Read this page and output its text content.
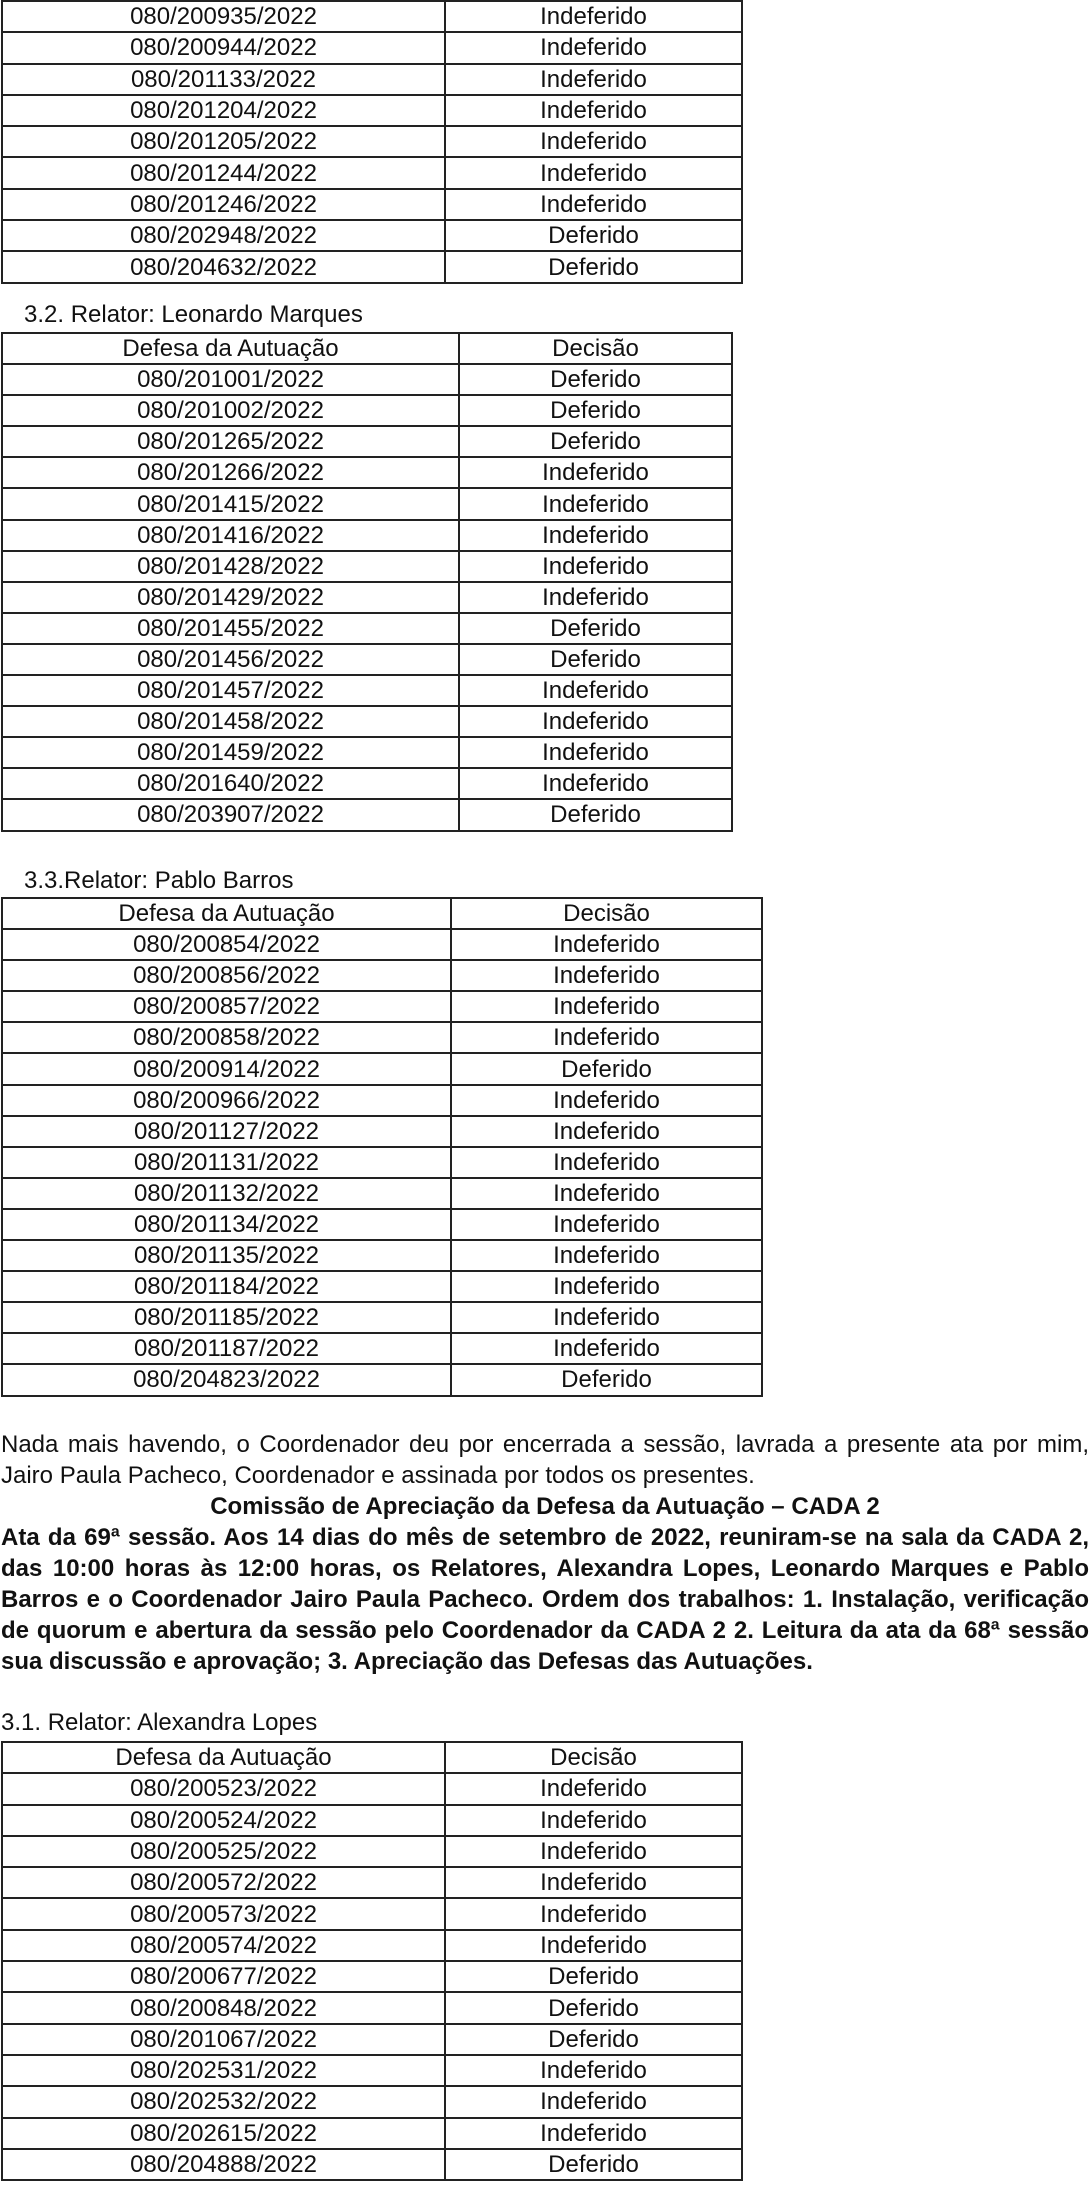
080/200935/2022	Indeferido
080/200944/2022	Indeferido
080/201133/2022	Indeferido
080/201204/2022	Indeferido
080/201205/2022	Indeferido
080/201244/2022	Indeferido
080/201246/2022	Indeferido
080/202948/2022	Deferido
080/204632/2022	Deferido
3.2. Relator: Leonardo Marques
Defesa da Autuação	Decisão
080/201001/2022	Deferido
080/201002/2022	Deferido
080/201265/2022	Deferido
080/201266/2022	Indeferido
080/201415/2022	Indeferido
080/201416/2022	Indeferido
080/201428/2022	Indeferido
080/201429/2022	Indeferido
080/201455/2022	Deferido
080/201456/2022	Deferido
080/201457/2022	Indeferido
080/201458/2022	Indeferido
080/201459/2022	Indeferido
080/201640/2022	Indeferido
080/203907/2022	Deferido
3.3.Relator: Pablo Barros
Defesa da Autuação	Decisão
080/200854/2022	Indeferido
080/200856/2022	Indeferido
080/200857/2022	Indeferido
080/200858/2022	Indeferido
080/200914/2022	Deferido
080/200966/2022	Indeferido
080/201127/2022	Indeferido
080/201131/2022	Indeferido
080/201132/2022	Indeferido
080/201134/2022	Indeferido
080/201135/2022	Indeferido
080/201184/2022	Indeferido
080/201185/2022	Indeferido
080/201187/2022	Indeferido
080/204823/2022	Deferido
Nada mais havendo, o Coordenador deu por encerrada a sessão, lavrada a presente ata por mim, Jairo Paula Pacheco, Coordenador e assinada por todos os presentes.
Comissão de Apreciação da Defesa da Autuação – CADA 2
Ata da 69ª sessão. Aos 14 dias do mês de setembro de 2022, reuniram-se na sala da CADA 2, das 10:00 horas às 12:00 horas, os Relatores, Alexandra Lopes, Leonardo Marques e Pablo Barros e o Coordenador Jairo Paula Pacheco. Ordem dos trabalhos: 1. Instalação, verificação de quorum e abertura da sessão pelo Coordenador da CADA 2 2. Leitura da ata da 68ª sessão sua discussão e aprovação; 3. Apreciação das Defesas das Autuações.
3.1. Relator: Alexandra Lopes
Defesa da Autuação	Decisão
080/200523/2022	Indeferido
080/200524/2022	Indeferido
080/200525/2022	Indeferido
080/200572/2022	Indeferido
080/200573/2022	Indeferido
080/200574/2022	Indeferido
080/200677/2022	Deferido
080/200848/2022	Deferido
080/201067/2022	Deferido
080/202531/2022	Indeferido
080/202532/2022	Indeferido
080/202615/2022	Indeferido
080/204888/2022	Deferido
